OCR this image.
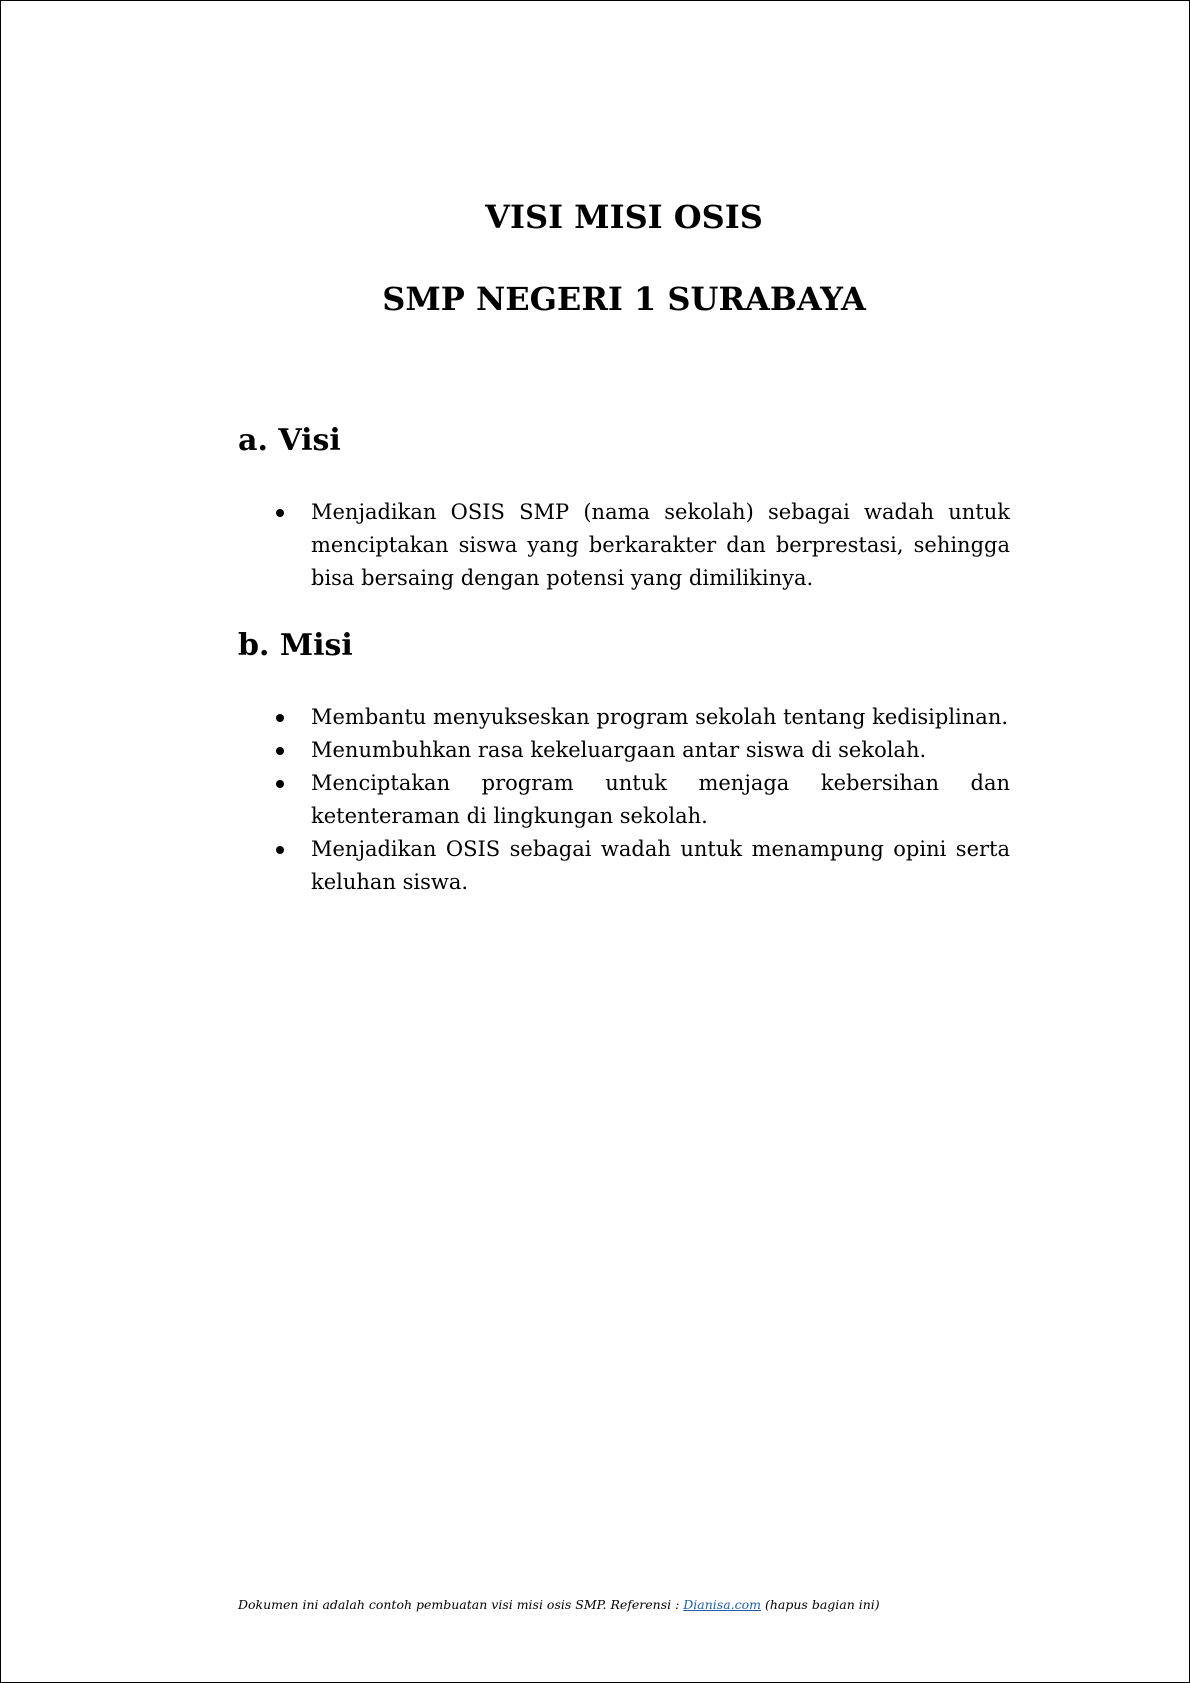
VISI MISI OSIS
SMP NEGERI 1 SURABAYA
a. Visi
Menjadikan OSIS SMP (nama sekolah) sebagai wadah untuk menciptakan siswa yang berkarakter dan berprestasi, sehingga bisa bersaing dengan potensi yang dimilikinya.
b. Misi
Membantu menyukseskan program sekolah tentang kedisiplinan.
Menumbuhkan rasa kekeluargaan antar siswa di sekolah.
Menciptakan program untuk menjaga kebersihan dan ketenteraman di lingkungan sekolah.
Menjadikan OSIS sebagai wadah untuk menampung opini serta keluhan siswa.
Dokumen ini adalah contoh pembuatan visi misi osis SMP. Referensi : Dianisa.com (hapus bagian ini)
